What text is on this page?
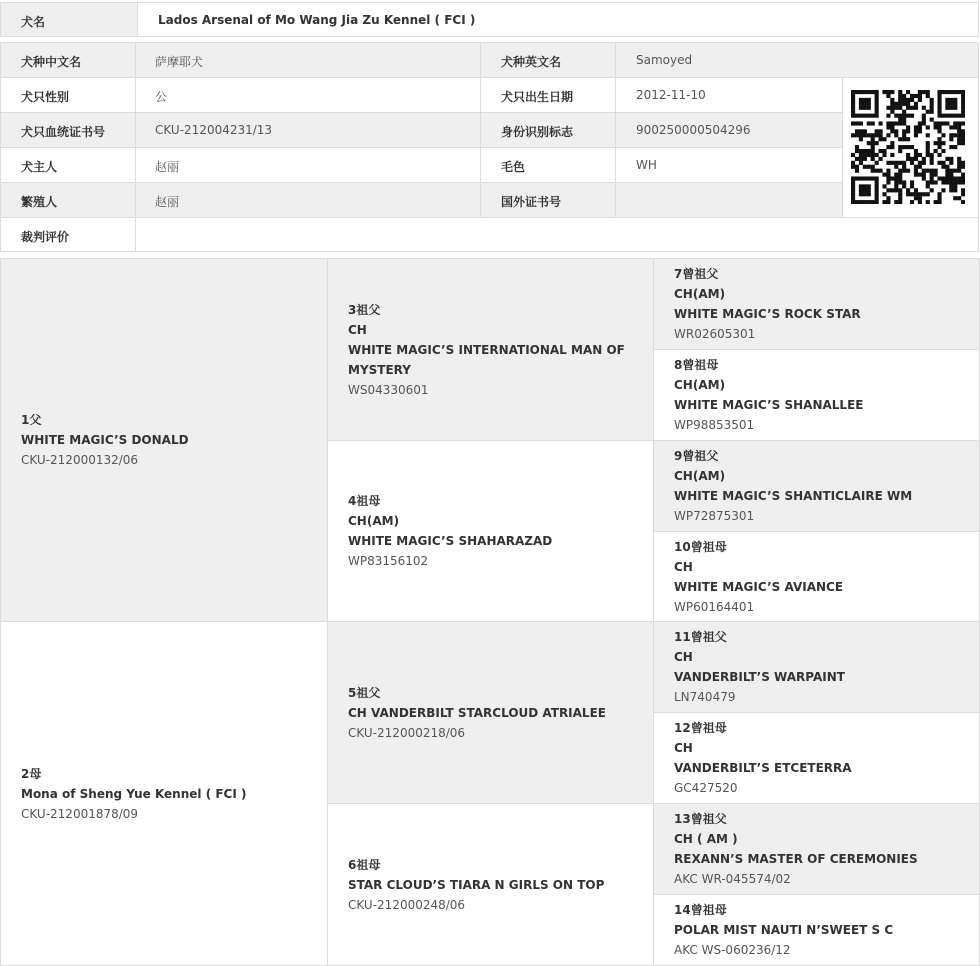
犬名	Lados Arsenal of Mo Wang Jia Zu Kennel ( FCI )
犬种中文名	萨摩耶犬	犬种英文名	Samoyed
犬只性别	公	犬只出生日期	2012-11-10
犬只血统证书号	CKU-212004231/13	身份识别标志	900250000504296
犬主人	赵丽	毛色	WH
繁殖人	赵丽	国外证书号
裁判评价
1父
WHITE MAGIC’S DONALD
CKU-212000132/06
2母
Mona of Sheng Yue Kennel ( FCI )
CKU-212001878/09
3祖父
CH
WHITE MAGIC’S INTERNATIONAL MAN OF
MYSTERY
WS04330601
4祖母
CH(AM)
WHITE MAGIC’S SHAHARAZAD
WP83156102
5祖父
CH VANDERBILT STARCLOUD ATRIALEE
CKU-212000218/06
6祖母
STAR CLOUD’S TIARA N GIRLS ON TOP
CKU-212000248/06
7曾祖父
CH(AM)
WHITE MAGIC’S ROCK STAR
WR02605301
8曾祖母
CH(AM)
WHITE MAGIC’S SHANALLEE
WP98853501
9曾祖父
CH(AM)
WHITE MAGIC’S SHANTICLAIRE WM
WP72875301
10曾祖母
CH
WHITE MAGIC’S AVIANCE
WP60164401
11曾祖父
CH
VANDERBILT’S WARPAINT
LN740479
12曾祖母
CH
VANDERBILT’S ETCETERRA
GC427520
13曾祖父
CH ( AM )
REXANN’S MASTER OF CEREMONIES
AKC WR-045574/02
14曾祖母
POLAR MIST NAUTI N’SWEET S C
AKC WS-060236/12
